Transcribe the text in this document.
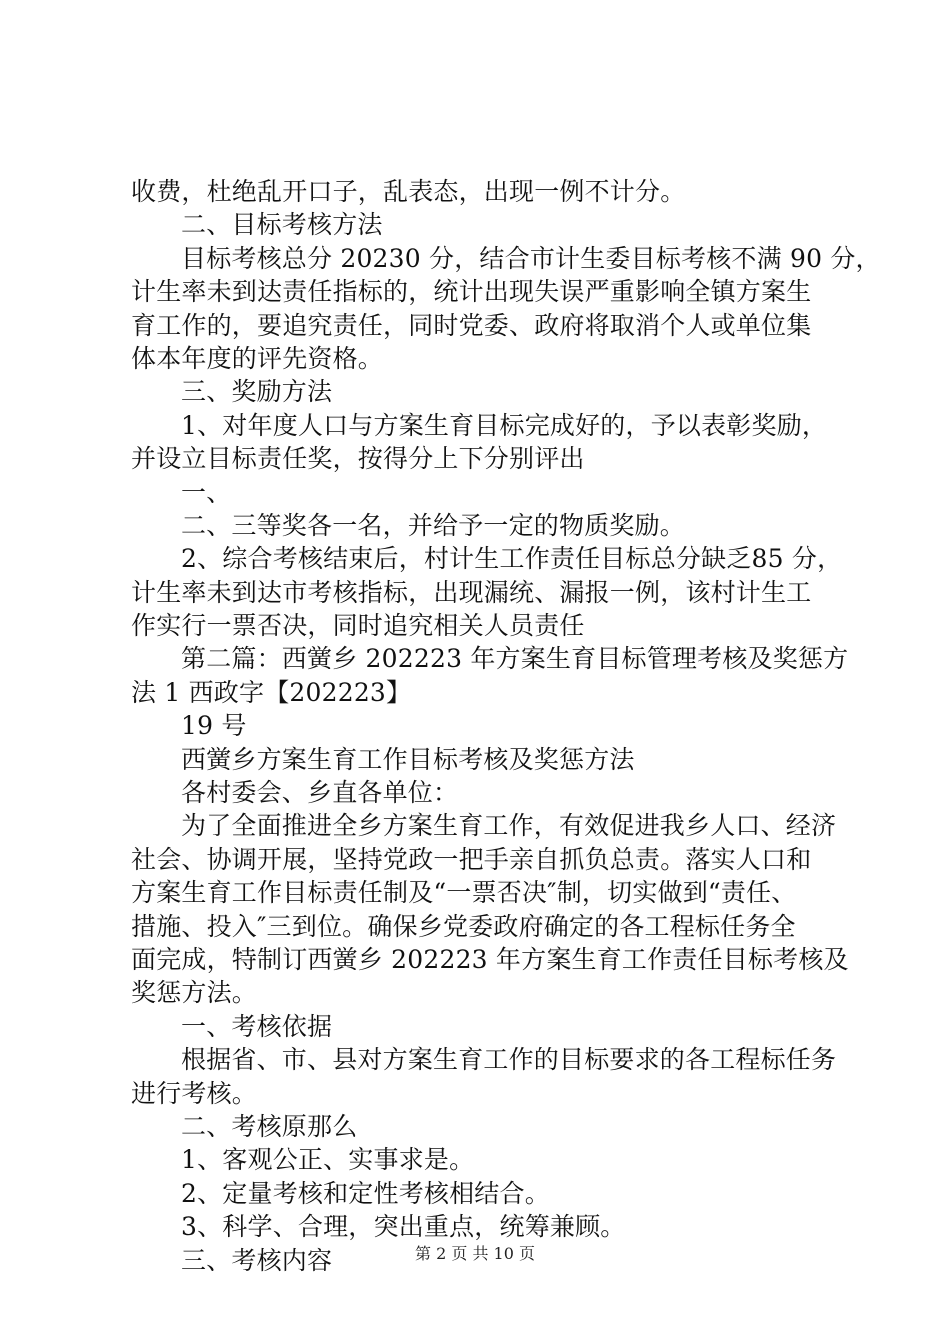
收费，杜绝乱开口子，乱表态，出现一例不计分。
二、目标考核方法
目标考核总分 20230 分，结合市计生委目标考核不满 90 分，
计生率未到达责任指标的，统计出现失误严重影响全镇方案生
育工作的，要追究责任，同时党委、政府将取消个人或单位集
体本年度的评先资格。
三、奖励方法
1、对年度人口与方案生育目标完成好的，予以表彰奖励，
并设立目标责任奖，按得分上下分别评出
一、
二、三等奖各一名，并给予一定的物质奖励。
2、综合考核结束后，村计生工作责任目标总分缺乏85 分，
计生率未到达市考核指标，出现漏统、漏报一例，该村计生工
作实行一票否决，同时追究相关人员责任
第二篇：西黉乡 202223 年方案生育目标管理考核及奖惩方
法 1 西政字【202223】
19 号
西黉乡方案生育工作目标考核及奖惩方法
各村委会、乡直各单位：
为了全面推进全乡方案生育工作，有效促进我乡人口、经济
社会、协调开展，坚持党政一把手亲自抓负总责。落实人口和
方案生育工作目标责任制及“一票否决″制，切实做到“责任、
措施、投入″三到位。确保乡党委政府确定的各工程标任务全
面完成，特制订西黉乡 202223 年方案生育工作责任目标考核及
奖惩方法。
一、考核依据
根据省、市、县对方案生育工作的目标要求的各工程标任务
进行考核。
二、考核原那么
1、客观公正、实事求是。
2、定量考核和定性考核相结合。
3、科学、合理，突出重点，统筹兼顾。
三、考核内容	第 2 页 共 10 页
